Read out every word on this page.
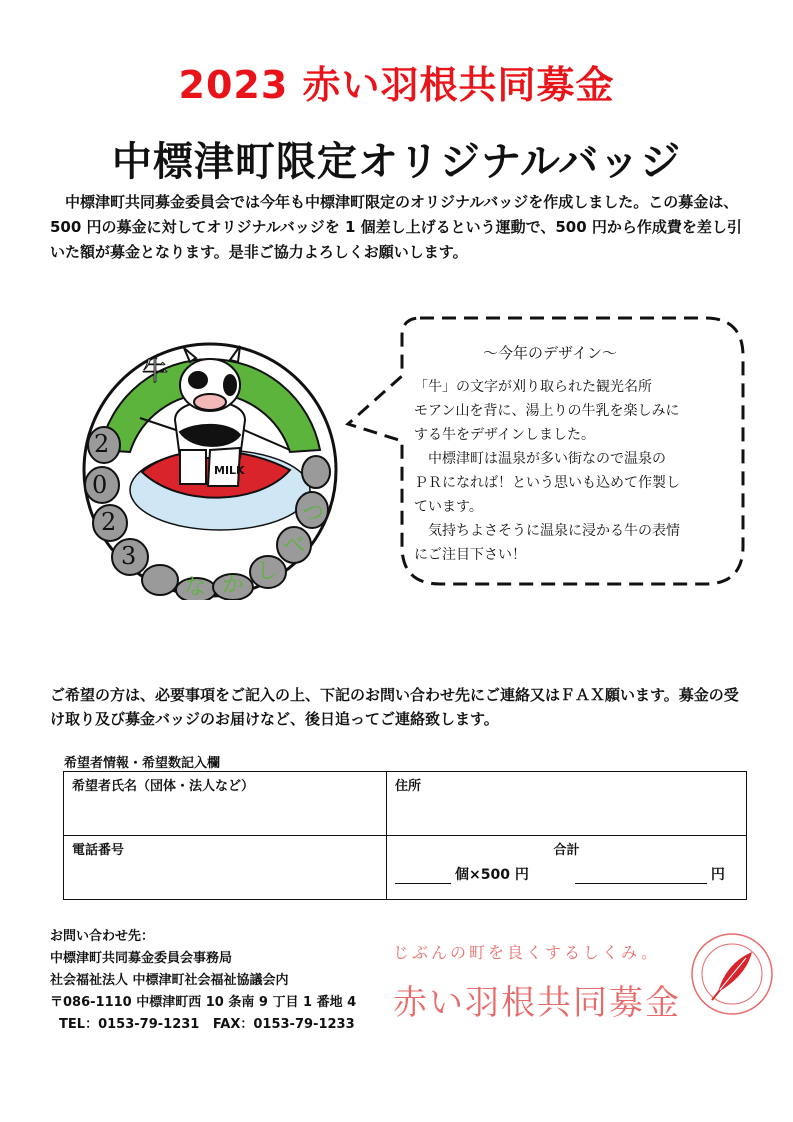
2023 赤い羽根共同募金
中標津町限定オリジナルバッジ

　中標津町共同募金委員会では今年も中標津町限定のオリジナルバッジを作成しました。この募金は、500 円の募金に対してオリジナルバッジを 1 個差し上げるという運動で、500 円から作成費を差し引いた額が募金となります。是非ご協力よろしくお願いします。

MILK
牛
2
0
2
3
な か
し
べ
つ
～今年のデザイン～
「牛」の文字が刈り取られた観光名所
モアン山を背に、湯上りの牛乳を楽しみに
する牛をデザインしました。
　中標津町は温泉が多い街なので温泉の
ＰＲになれば！という思いも込めて作製し
ています。
　気持ちよさそうに温泉に浸かる牛の表情
にご注目下さい！

ご希望の方は、必要事項をご記入の上、下記のお問い合わせ先にご連絡又はＦＡＸ願います。募金の受け取り及び募金バッジのお届けなど、後日追ってご連絡致します。

希望者情報・希望数記入欄
希望者氏名（団体・法人など）	住所
電話番号	合計
個×500 円 円
お問い合わせ先：
中標津町共同募金委員会事務局
社会福祉法人 中標津町社会福祉協議会内
〒086-1110 中標津町西 10 条南 9 丁目 1 番地 4
TEL：0153-79-1231   FAX：0153-79-1233
じぶんの町を良くするしくみ。
赤い羽根共同募金
